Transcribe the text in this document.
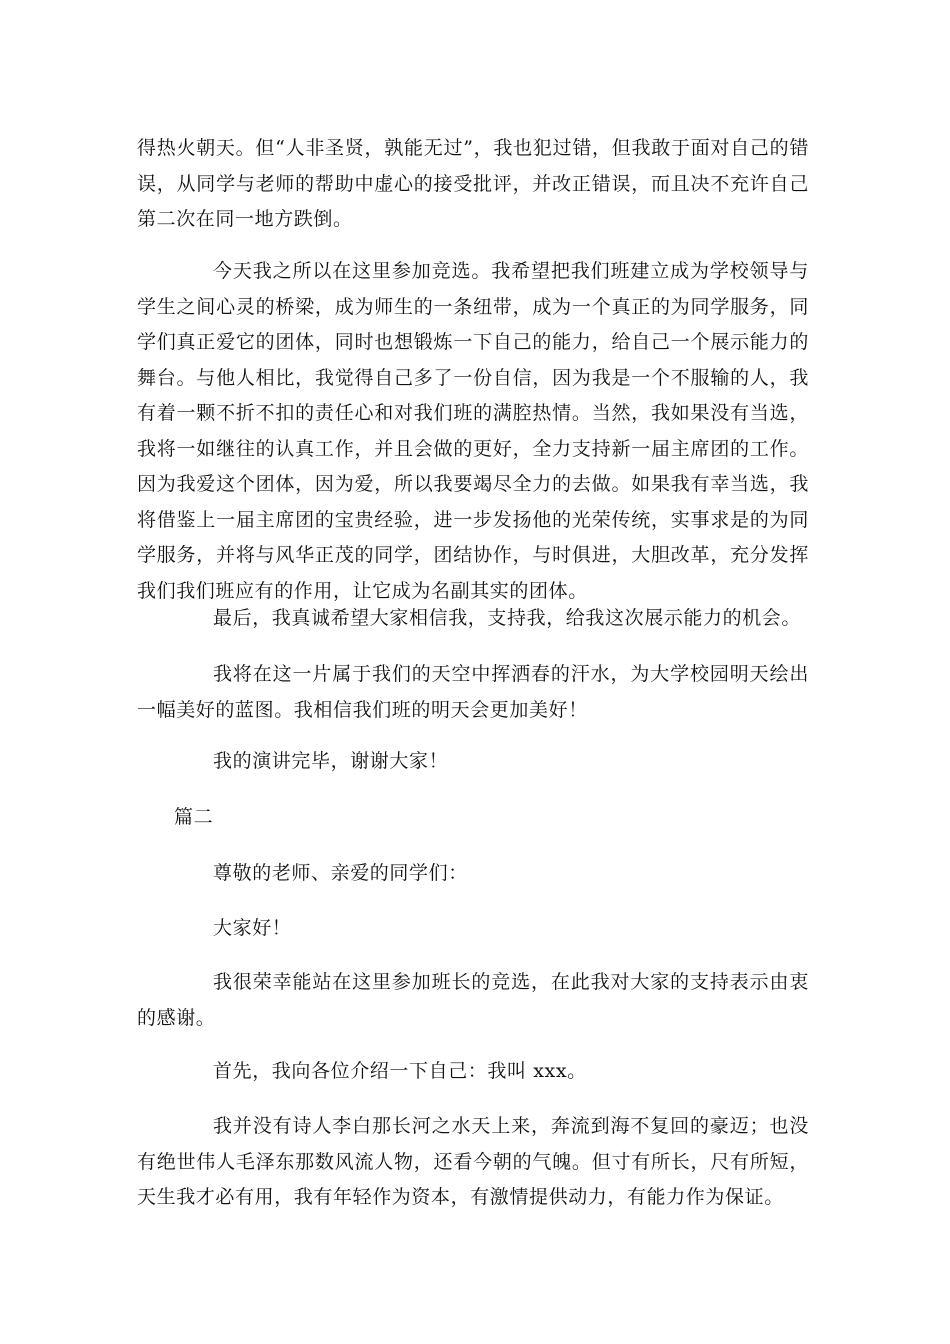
得热火朝天。但“人非圣贤，孰能无过”，我也犯过错，但我敢于面对自己的错误，从同学与老师的帮助中虚心的接受批评，并改正错误，而且决不充许自己第二次在同一地方跌倒。

今天我之所以在这里参加竞选。我希望把我们班建立成为学校领导与学生之间心灵的桥梁，成为师生的一条纽带，成为一个真正的为同学服务，同学们真正爱它的团体，同时也想锻炼一下自己的能力，给自己一个展示能力的舞台。与他人相比，我觉得自己多了一份自信，因为我是一个不服输的人，我有着一颗不折不扣的责任心和对我们班的满腔热情。当然，我如果没有当选，我将一如继往的认真工作，并且会做的更好，全力支持新一届主席团的工作。因为我爱这个团体，因为爱，所以我要竭尽全力的去做。如果我有幸当选，我将借鉴上一届主席团的宝贵经验，进一步发扬他的光荣传统，实事求是的为同学服务，并将与风华正茂的同学，团结协作，与时俱进，大胆改革，充分发挥我们我们班应有的作用，让它成为名副其实的团体。

最后，我真诚希望大家相信我，支持我，给我这次展示能力的机会。

我将在这一片属于我们的天空中挥洒春的汗水，为大学校园明天绘出一幅美好的蓝图。我相信我们班的明天会更加美好！

我的演讲完毕，谢谢大家！

篇二

尊敬的老师、亲爱的同学们：

大家好！

我很荣幸能站在这里参加班长的竞选，在此我对大家的支持表示由衷的感谢。

首先，我向各位介绍一下自己：我叫 xxx。

我并没有诗人李白那长河之水天上来，奔流到海不复回的豪迈；也没有绝世伟人毛泽东那数风流人物，还看今朝的气魄。但寸有所长，尺有所短，天生我才必有用，我有年轻作为资本，有激情提供动力，有能力作为保证。
